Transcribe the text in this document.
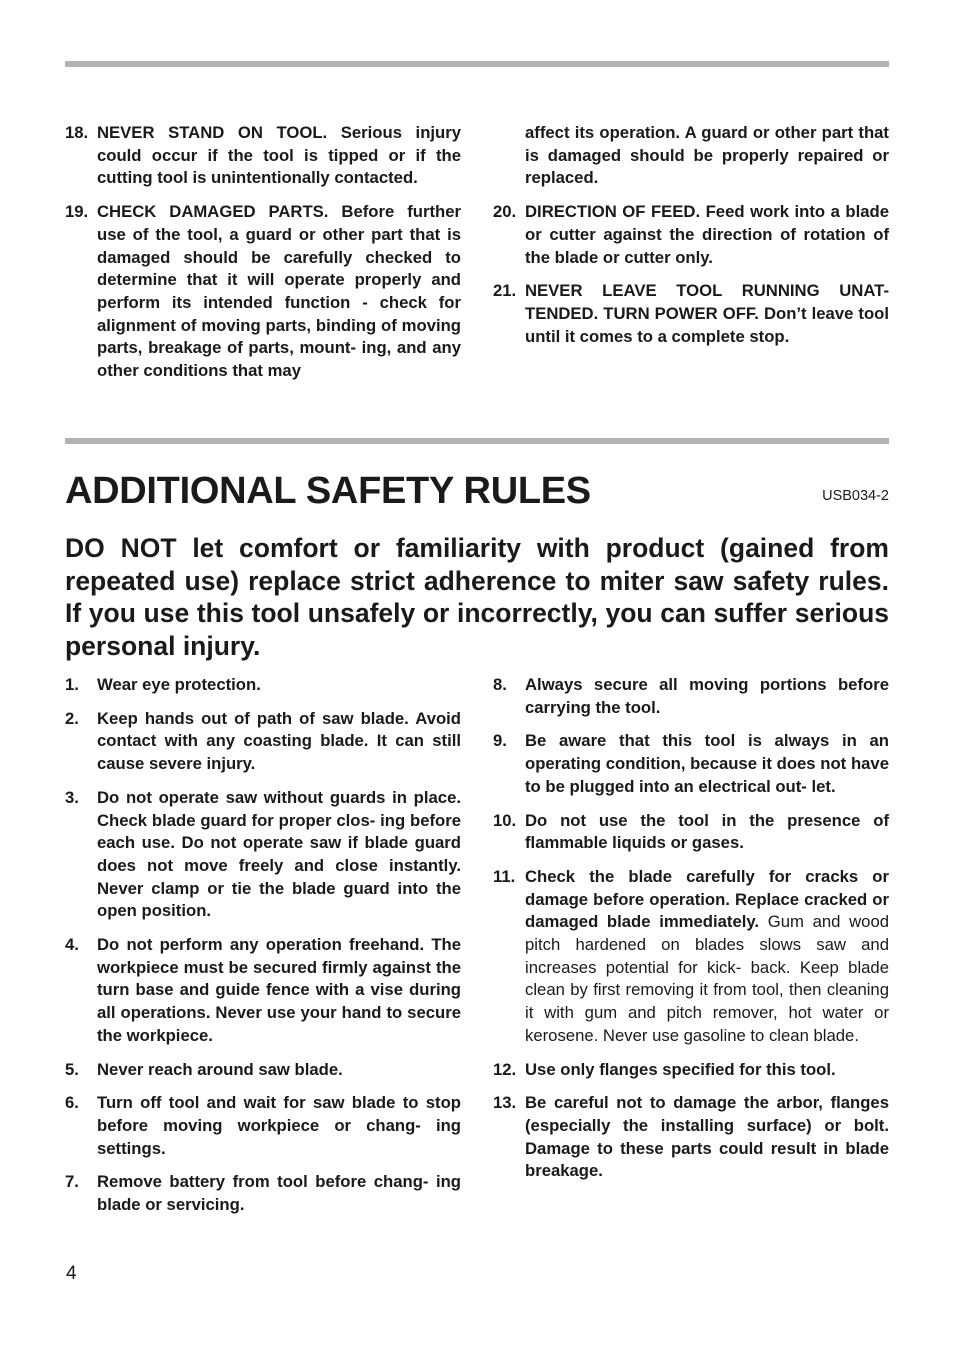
18. NEVER STAND ON TOOL. Serious injury could occur if the tool is tipped or if the cutting tool is unintentionally contacted.
19. CHECK DAMAGED PARTS. Before further use of the tool, a guard or other part that is damaged should be carefully checked to determine that it will operate properly and perform its intended function - check for alignment of moving parts, binding of moving parts, breakage of parts, mount- ing, and any other conditions that may
affect its operation. A guard or other part that is damaged should be properly repaired or replaced.
20. DIRECTION OF FEED. Feed work into a blade or cutter against the direction of rotation of the blade or cutter only.
21. NEVER LEAVE TOOL RUNNING UNAT- TENDED. TURN POWER OFF. Don’t leave tool until it comes to a complete stop.
ADDITIONAL SAFETY RULES	USB034-2

DO NOT let comfort or familiarity with product (gained from repeated use) replace strict adherence to miter saw safety rules. If you use this tool unsafely or incorrectly, you can suffer serious personal injury.

1.	Wear eye protection.
2.	Keep hands out of path of saw blade. Avoid contact with any coasting blade. It can still cause severe injury.
3.	Do not operate saw without guards in place. Check blade guard for proper clos- ing before each use. Do not operate saw if blade guard does not move freely and close instantly. Never clamp or tie the blade guard into the open position.
4.	Do not perform any operation freehand. The workpiece must be secured firmly against the turn base and guide fence with a vise during all operations. Never use your hand to secure the workpiece.
5.	Never reach around saw blade.
6.	Turn off tool and wait for saw blade to stop before moving workpiece or chang- ing settings.
7.	Remove battery from tool before chang- ing blade or servicing.
8.	Always secure all moving portions before carrying the tool.
9.	Be aware that this tool is always in an operating condition, because it does not have to be plugged into an electrical out- let.
10. Do not use the tool in the presence of flammable liquids or gases.
11. Check the blade carefully for cracks or damage before operation. Replace cracked or damaged blade immediately. Gum and wood pitch hardened on blades slows saw and increases potential for kick- back. Keep blade clean by first removing it from tool, then cleaning it with gum and pitch remover, hot water or kerosene. Never use gasoline to clean blade.
12. Use only flanges specified for this tool.
13. Be careful not to damage the arbor, flanges (especially the installing surface) or bolt. Damage to these parts could result in blade breakage.
4
